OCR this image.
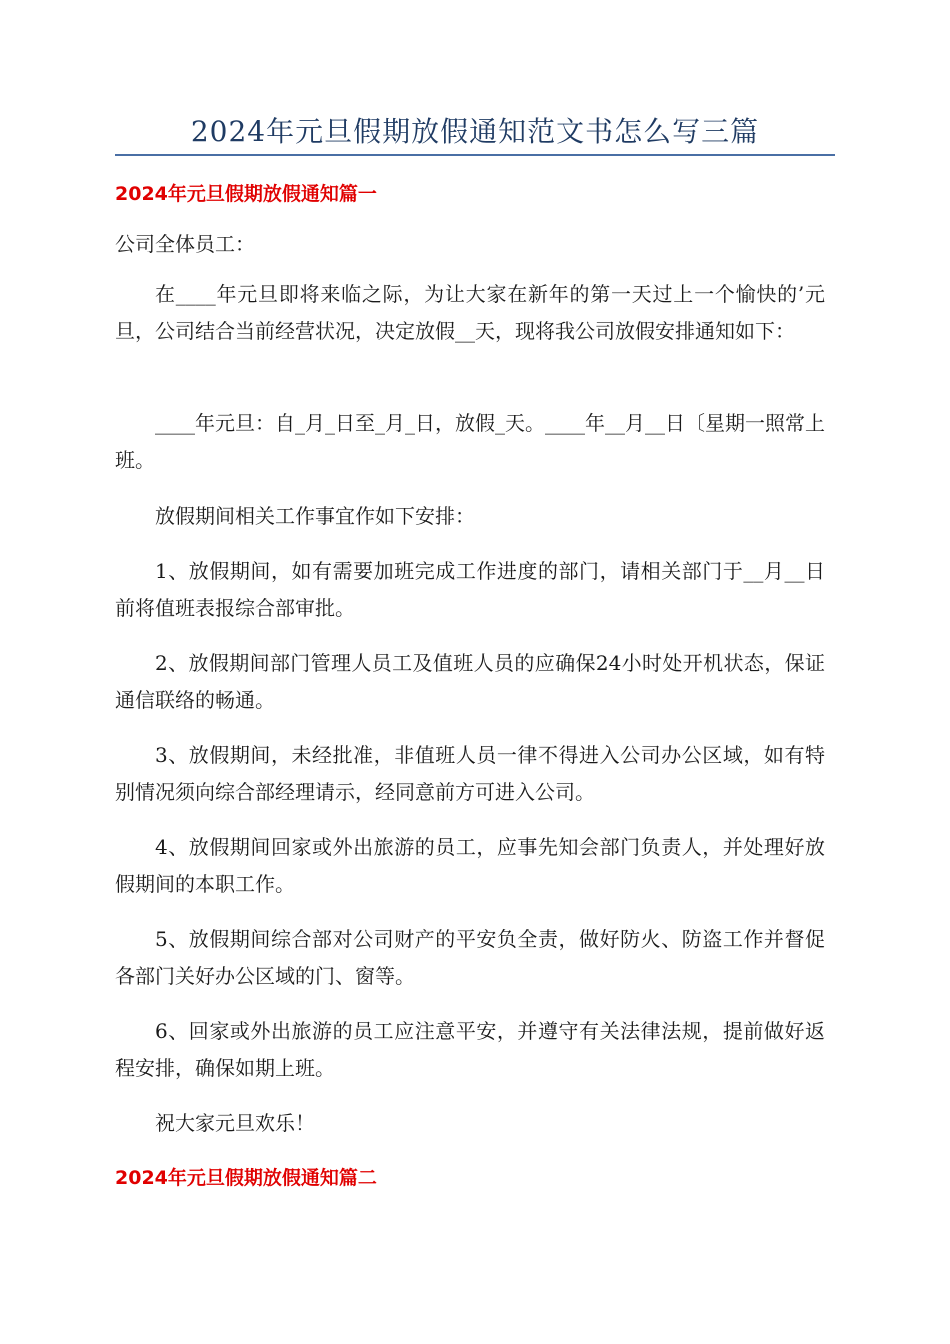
2024年元旦假期放假通知范文书怎么写三篇
2024年元旦假期放假通知篇一

公司全体员工：

在____年元旦即将来临之际，为让大家在新年的第一天过上一个愉快的’元旦，公司结合当前经营状况，决定放假__天，现将我公司放假安排通知如下：

____年元旦：自_月_日至_月_日，放假_天。____年__月__日〔星期一照常上班。

放假期间相关工作事宜作如下安排：

1、放假期间，如有需要加班完成工作进度的部门，请相关部门于__月__日前将值班表报综合部审批。

2、放假期间部门管理人员工及值班人员的应确保24小时处开机状态，保证通信联络的畅通。

3、放假期间，未经批准，非值班人员一律不得进入公司办公区域，如有特别情况须向综合部经理请示，经同意前方可进入公司。

4、放假期间回家或外出旅游的员工，应事先知会部门负责人，并处理好放假期间的本职工作。

5、放假期间综合部对公司财产的平安负全责，做好防火、防盗工作并督促各部门关好办公区域的门、窗等。

6、回家或外出旅游的员工应注意平安，并遵守有关法律法规，提前做好返程安排，确保如期上班。

祝大家元旦欢乐！

2024年元旦假期放假通知篇二
